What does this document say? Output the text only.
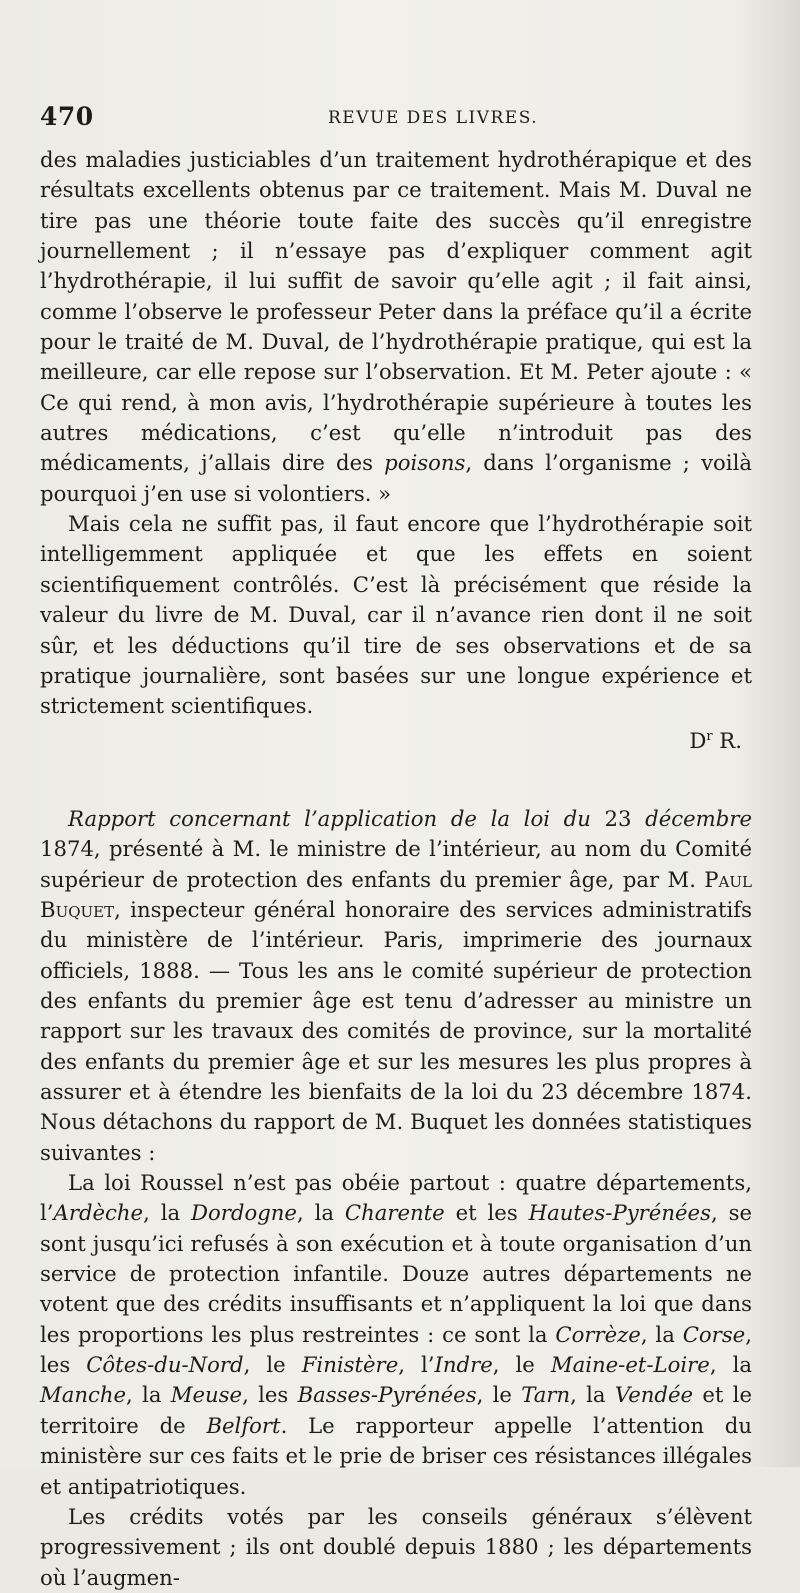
470	REVUE DES LIVRES.

des maladies justiciables d’un traitement hydrothérapique et des résultats excellents obtenus par ce traitement. Mais M. Duval ne tire pas une théorie toute faite des succès qu’il enregistre journellement ; il n’essaye pas d’expliquer comment agit l’hydrothérapie, il lui suffit de savoir qu’elle agit ; il fait ainsi, comme l’observe le professeur Peter dans la préface qu’il a écrite pour le traité de M. Duval, de l’hydrothérapie pratique, qui est la meilleure, car elle repose sur l’observation. Et M. Peter ajoute : « Ce qui rend, à mon avis, l’hydrothérapie supérieure à toutes les autres médications, c’est qu’elle n’introduit pas des médicaments, j’allais dire des poisons, dans l’organisme ; voilà pourquoi j’en use si volontiers. »

Mais cela ne suffit pas, il faut encore que l’hydrothérapie soit intelligemment appliquée et que les effets en soient scientifiquement contrôlés. C’est là précisément que réside la valeur du livre de M. Duval, car il n’avance rien dont il ne soit sûr, et les déductions qu’il tire de ses observations et de sa pratique journalière, sont basées sur une longue expérience et strictement scientifiques.

$D^r$ R.

Rapport concernant l’application de la loi du 23 décembre 1874, présenté à M. le ministre de l’intérieur, au nom du Comité supérieur de protection des enfants du premier âge, par M. Paul Buquet, inspecteur général honoraire des services administratifs du ministère de l’intérieur. Paris, imprimerie des journaux officiels, 1888. — Tous les ans le comité supérieur de protection des enfants du premier âge est tenu d’adresser au ministre un rapport sur les travaux des comités de province, sur la mortalité des enfants du premier âge et sur les mesures les plus propres à assurer et à étendre les bienfaits de la loi du 23 décembre 1874. Nous détachons du rapport de M. Buquet les données statistiques suivantes :

La loi Roussel n’est pas obéie partout : quatre départements, l’Ardèche, la Dordogne, la Charente et les Hautes-Pyrénées, se sont jusqu’ici refusés à son exécution et à toute organisation d’un service de protection infantile. Douze autres départements ne votent que des crédits insuffisants et n’appliquent la loi que dans les proportions les plus restreintes : ce sont la Corrèze, la Corse, les Côtes-du-Nord, le Finistère, l’Indre, le Maine-et-Loire, la Manche, la Meuse, les Basses-Pyrénées, le Tarn, la Vendée et le territoire de Belfort. Le rapporteur appelle l’attention du ministère sur ces faits et le prie de briser ces résistances illégales et antipatriotiques.

Les crédits votés par les conseils généraux s’élèvent progressivement ; ils ont doublé depuis 1880 ; les départements où l’augmen-
